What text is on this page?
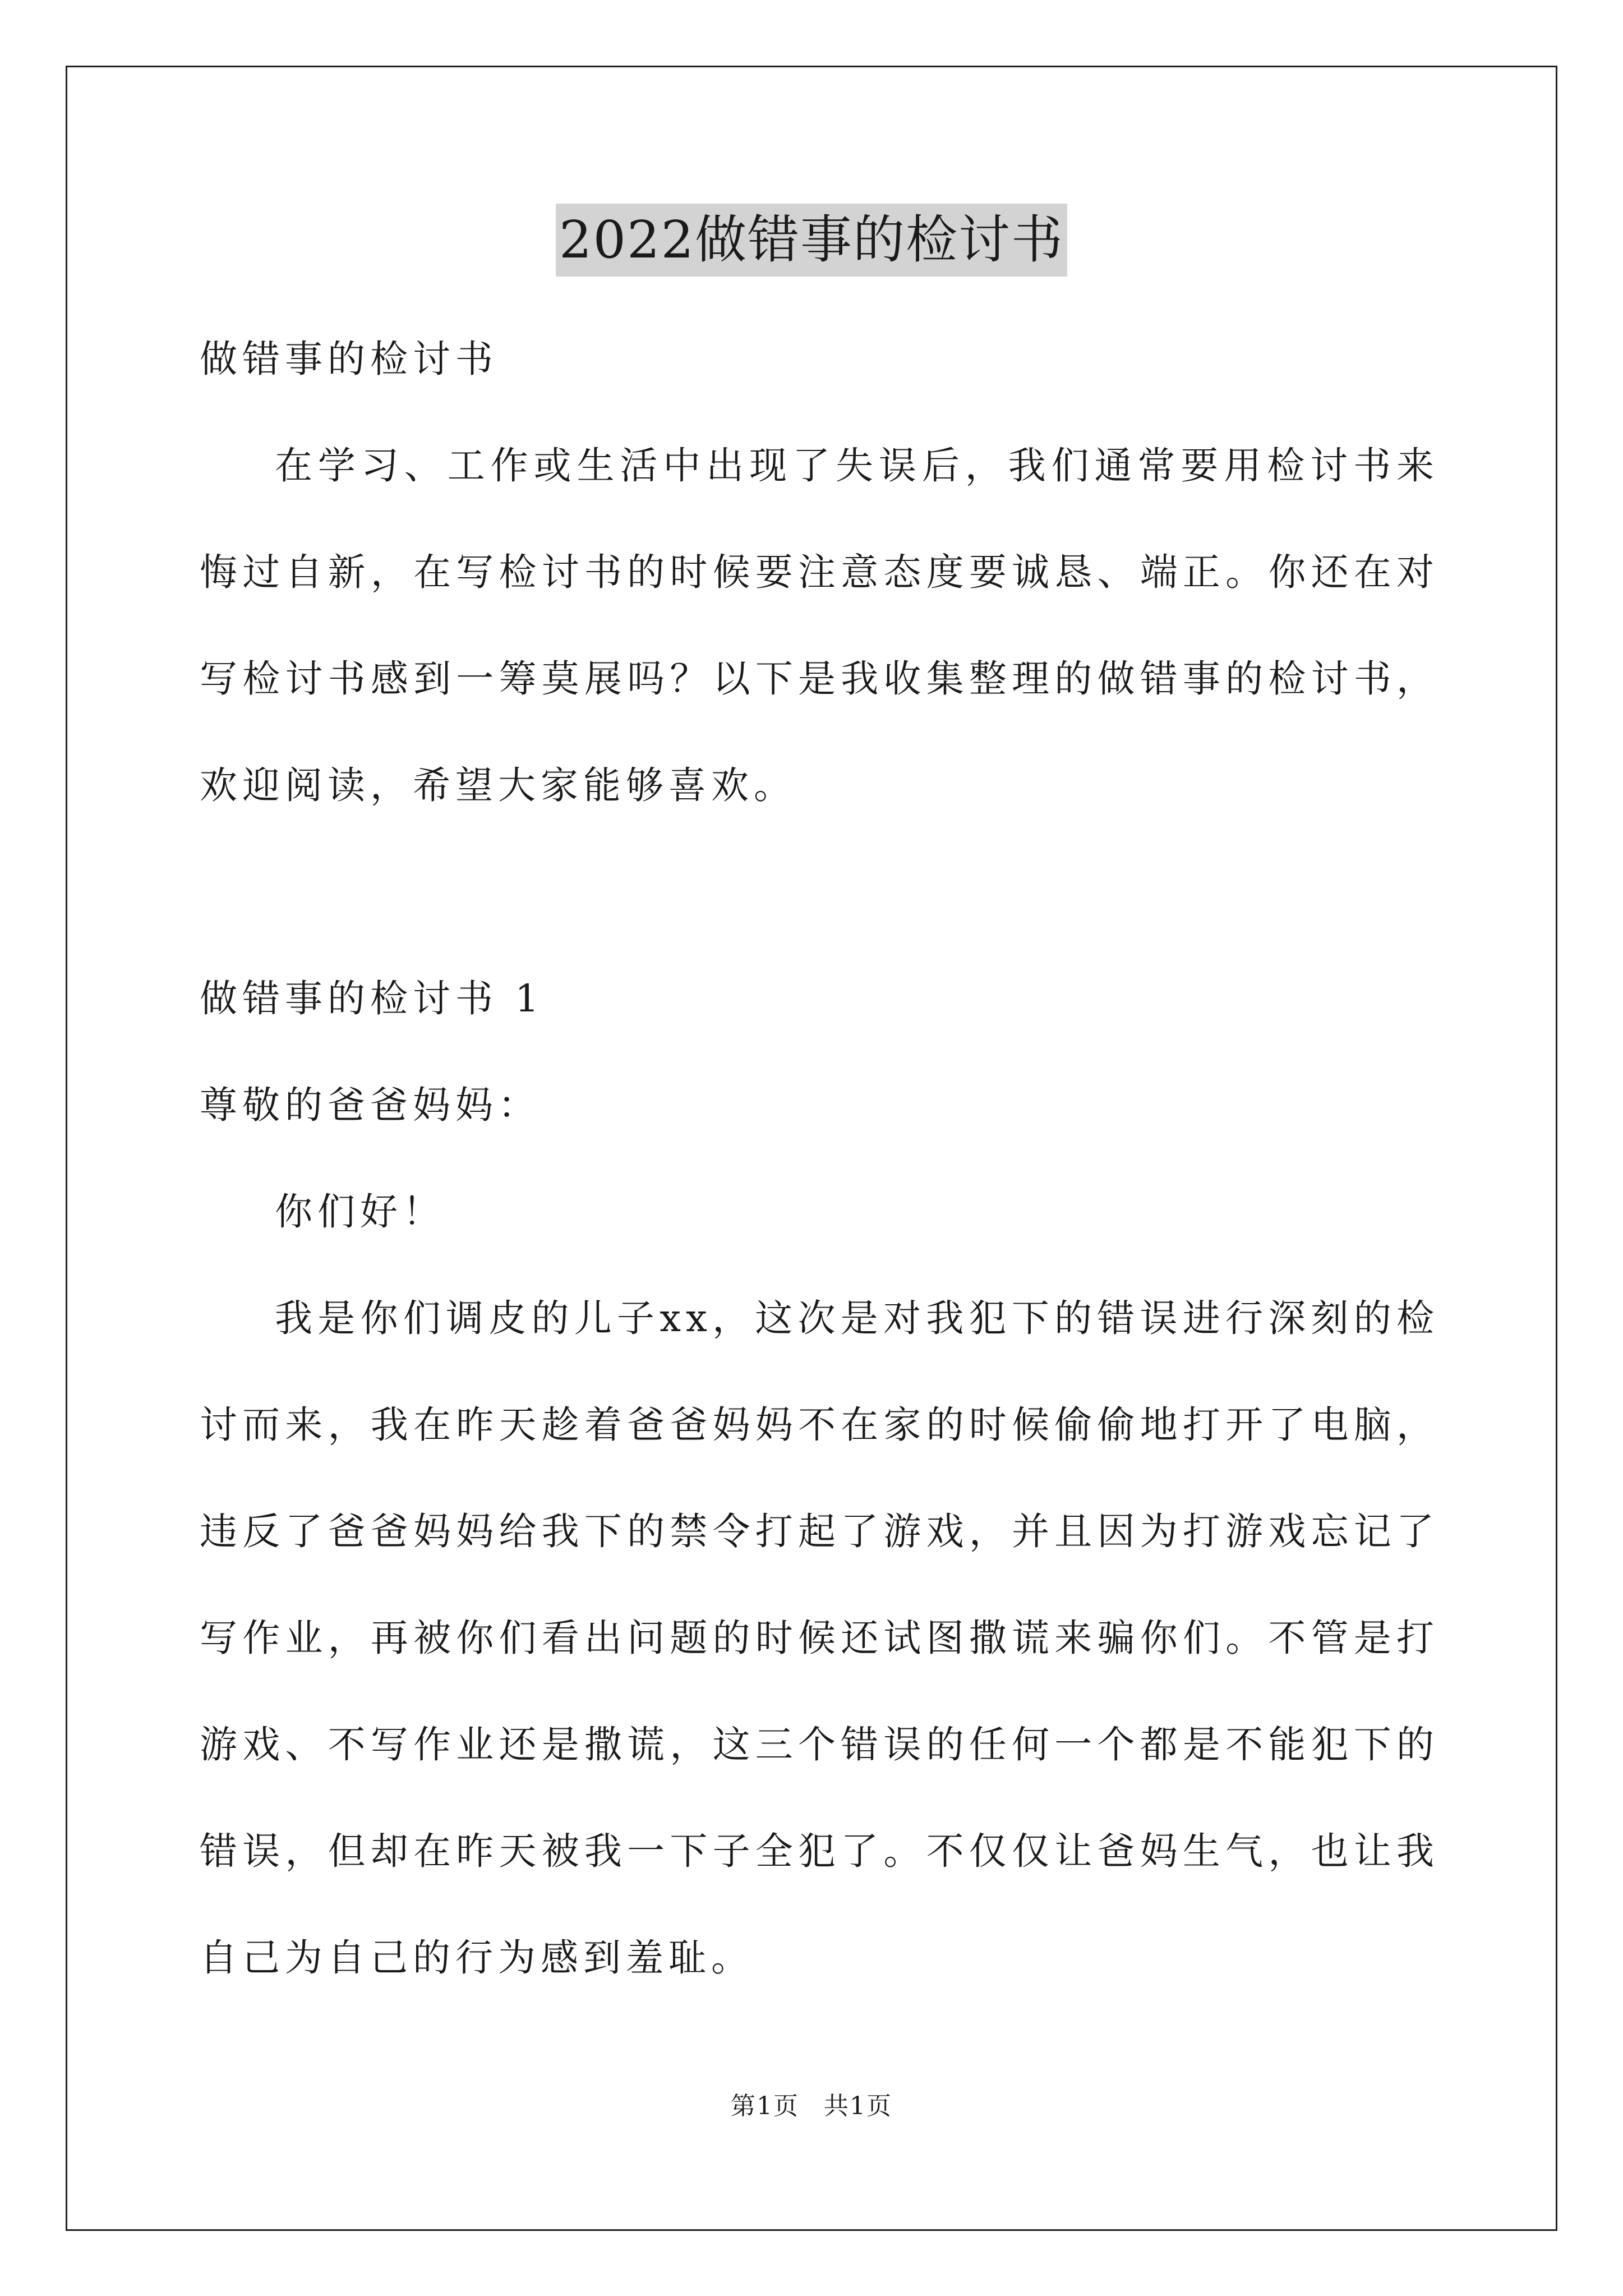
2022做错事的检讨书

做错事的检讨书

在学习、工作或生活中出现了失误后，我们通常要用检讨书来悔过自新，在写检讨书的时候要注意态度要诚恳、端正。你还在对写检讨书感到一筹莫展吗？以下是我收集整理的做错事的检讨书，欢迎阅读，希望大家能够喜欢。

做错事的检讨书 1

尊敬的爸爸妈妈：

你们好！

我是你们调皮的儿子xx，这次是对我犯下的错误进行深刻的检讨而来，我在昨天趁着爸爸妈妈不在家的时候偷偷地打开了电脑，违反了爸爸妈妈给我下的禁令打起了游戏，并且因为打游戏忘记了写作业，再被你们看出问题的时候还试图撒谎来骗你们。不管是打游戏、不写作业还是撒谎，这三个错误的任何一个都是不能犯下的错误，但却在昨天被我一下子全犯了。不仅仅让爸妈生气，也让我自己为自己的行为感到羞耻。

第1页 共1页
